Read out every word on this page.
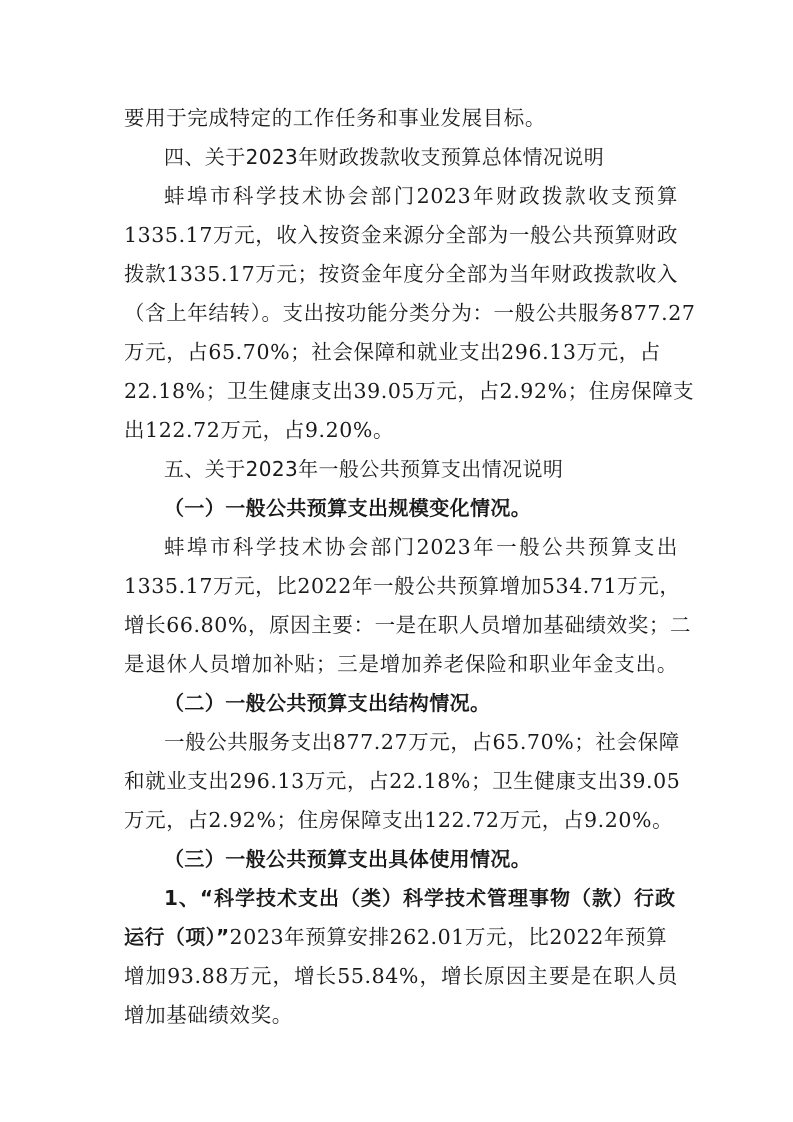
要用于完成特定的工作任务和事业发展目标。
四、关于2023年财政拨款收支预算总体情况说明
蚌埠市科学技术协会部门2023年财政拨款收支预算
1335.17万元，收入按资金来源分全部为一般公共预算财政
拨款1335.17万元；按资金年度分全部为当年财政拨款收入
（含上年结转）。支出按功能分类分为：一般公共服务877.27
万元，占65.70%；社会保障和就业支出296.13万元，占
22.18%；卫生健康支出39.05万元，占2.92%；住房保障支
出122.72万元，占9.20%。
五、关于2023年一般公共预算支出情况说明
（一）一般公共预算支出规模变化情况。
蚌埠市科学技术协会部门2023年一般公共预算支出
1335.17万元，比2022年一般公共预算增加534.71万元，
增长66.80%，原因主要：一是在职人员增加基础绩效奖；二
是退休人员增加补贴；三是增加养老保险和职业年金支出。
（二）一般公共预算支出结构情况。
一般公共服务支出877.27万元，占65.70%；社会保障
和就业支出296.13万元，占22.18%；卫生健康支出39.05
万元，占2.92%；住房保障支出122.72万元，占9.20%。
（三）一般公共预算支出具体使用情况。
1、“科学技术支出（类）科学技术管理事物（款）行政
运行（项）”2023年预算安排262.01万元，比2022年预算
增加93.88万元，增长55.84%，增长原因主要是在职人员
增加基础绩效奖。
